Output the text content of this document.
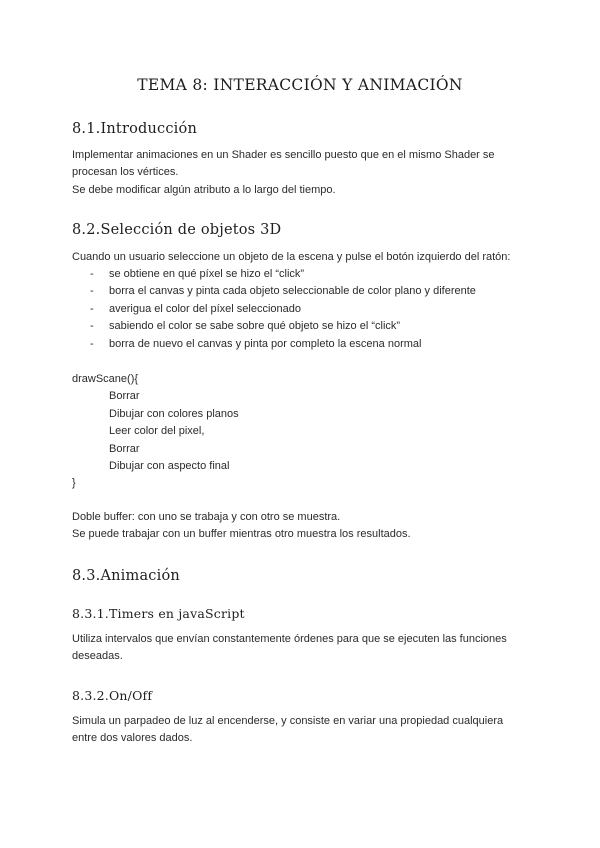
TEMA 8: INTERACCIÓN Y ANIMACIÓN
8.1.Introducción

Implementar animaciones en un Shader es sencillo puesto que en el mismo Shader se
procesan los vértices.
Se debe modificar algún atributo a lo largo del tiempo.

8.2.Selección de objetos 3D

Cuando un usuario seleccione un objeto de la escena y pulse el botón izquierdo del ratón:

- se obtiene en qué píxel se hizo el “click”
- borra el canvas y pinta cada objeto seleccionable de color plano y diferente
- averigua el color del píxel seleccionado
- sabiendo el color se sabe sobre qué objeto se hizo el “click”
- borra de nuevo el canvas y pinta por completo la escena normal
drawScane(){
Borrar
Dibujar con colores planos
Leer color del pixel,
Borrar
Dibujar con aspecto final
}

Doble buffer: con uno se trabaja y con otro se muestra.
Se puede trabajar con un buffer mientras otro muestra los resultados.

8.3.Animación
8.3.1.Timers en javaScript

Utiliza intervalos que envían constantemente órdenes para que se ejecuten las funciones
deseadas.

8.3.2.On/Off

Simula un parpadeo de luz al encenderse, y consiste en variar una propiedad cualquiera
entre dos valores dados.
